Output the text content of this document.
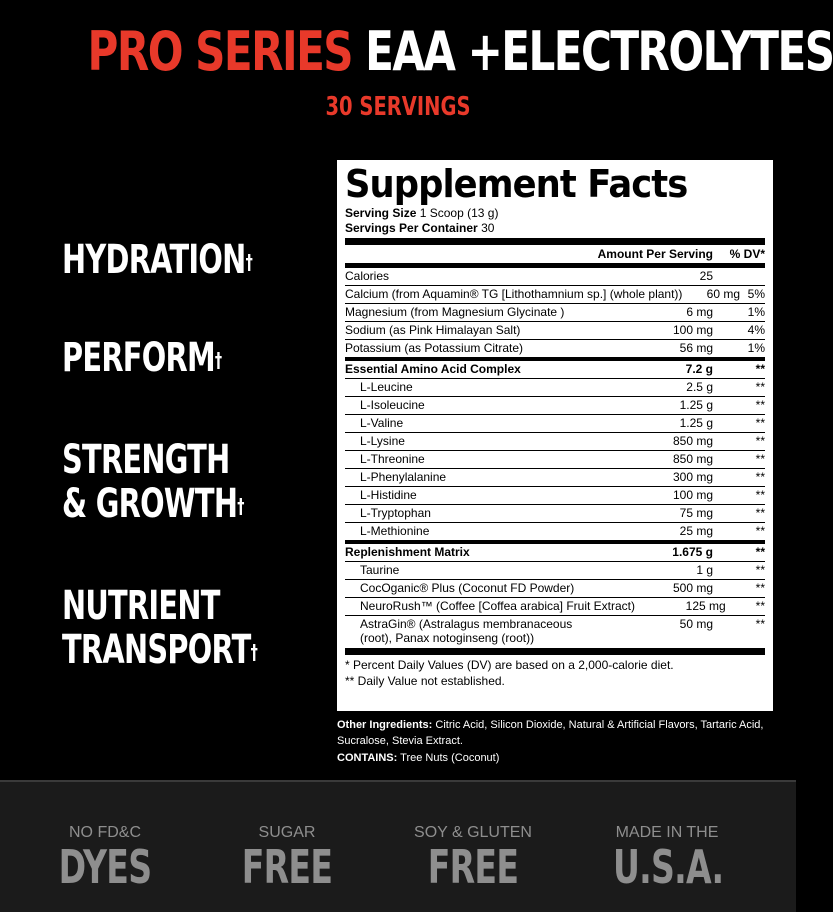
PRO SERIES EAA +ELECTROLYTES
30 SERVINGS
HYDRATION†
PERFORM†
STRENGTH
& GROWTH†
NUTRIENT
TRANSPORT†
Supplement Facts
Serving Size 1 Scoop (13 g)
Servings Per Container 30
Amount Per Serving	% DV*
Calories	25
Calcium (from Aquamin® TG [Lithothamnium sp.] (whole plant))	60 mg 5%
Magnesium (from Magnesium Glycinate )	6 mg	1%
Sodium (as Pink Himalayan Salt)	100 mg	4%
Potassium (as Potassium Citrate)	56 mg	1%
Essential Amino Acid Complex	7.2 g	**
L-Leucine	2.5 g	**
L-Isoleucine	1.25 g	**
L-Valine	1.25 g	**
L-Lysine	850 mg	**
L-Threonine	850 mg	**
L-Phenylalanine	300 mg	**
L-Histidine	100 mg	**
L-Tryptophan	75 mg	**
L-Methionine	25 mg	**
Replenishment Matrix	1.675 g	**
Taurine	1 g	**
CocOganic® Plus (Coconut FD Powder)	500 mg	**
NeuroRush™ (Coffee [Coffea arabica] Fruit Extract)	125 mg	**
AstraGin® (Astralagus membranaceous (root), Panax notoginseng (root))
50 mg	**
* Percent Daily Values (DV) are based on a 2,000-calorie diet.
** Daily Value not established.
Other Ingredients: Citric Acid, Silicon Dioxide, Natural & Artificial Flavors, Tartaric Acid, Sucralose, Stevia Extract.
CONTAINS: Tree Nuts (Coconut)
NO FD&C
DYES
SUGAR
FREE
SOY & GLUTEN
FREE
MADE IN THE
U.S.A.
